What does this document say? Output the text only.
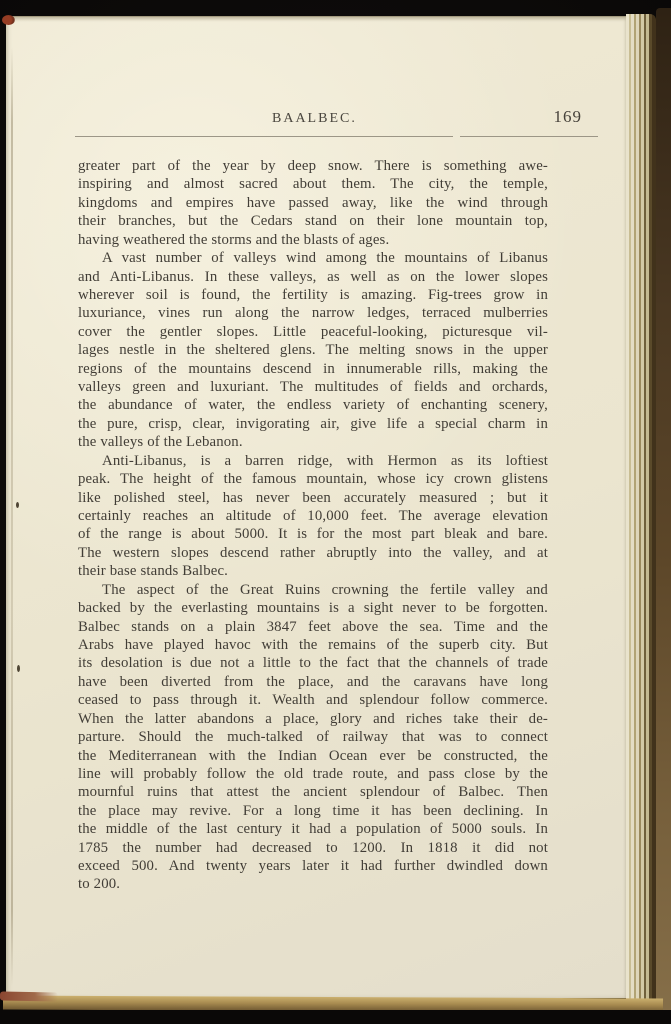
BAALBEC.	169
greater part of the year by deep snow. There is something awe-
inspiring and almost sacred about them. The city, the temple,
kingdoms and empires have passed away, like the wind through
their branches, but the Cedars stand on their lone mountain top,
having weathered the storms and the blasts of ages.
A vast number of valleys wind among the mountains of Libanus
and Anti-Libanus. In these valleys, as well as on the lower slopes
wherever soil is found, the fertility is amazing. Fig-trees grow in
luxuriance, vines run along the narrow ledges, terraced mulberries
cover the gentler slopes. Little peaceful-looking, picturesque vil-
lages nestle in the sheltered glens. The melting snows in the upper
regions of the mountains descend in innumerable rills, making the
valleys green and luxuriant. The multitudes of fields and orchards,
the abundance of water, the endless variety of enchanting scenery,
the pure, crisp, clear, invigorating air, give life a special charm in
the valleys of the Lebanon.
Anti-Libanus, is a barren ridge, with Hermon as its loftiest
peak. The height of the famous mountain, whose icy crown glistens
like polished steel, has never been accurately measured ; but it
certainly reaches an altitude of 10,000 feet. The average elevation
of the range is about 5000. It is for the most part bleak and bare.
The western slopes descend rather abruptly into the valley, and at
their base stands Balbec.
The aspect of the Great Ruins crowning the fertile valley and
backed by the everlasting mountains is a sight never to be forgotten.
Balbec stands on a plain 3847 feet above the sea. Time and the
Arabs have played havoc with the remains of the superb city. But
its desolation is due not a little to the fact that the channels of trade
have been diverted from the place, and the caravans have long
ceased to pass through it. Wealth and splendour follow commerce.
When the latter abandons a place, glory and riches take their de-
parture. Should the much-talked of railway that was to connect
the Mediterranean with the Indian Ocean ever be constructed, the
line will probably follow the old trade route, and pass close by the
mournful ruins that attest the ancient splendour of Balbec. Then
the place may revive. For a long time it has been declining. In
the middle of the last century it had a population of 5000 souls. In
1785 the number had decreased to 1200. In 1818 it did not
exceed 500. And twenty years later it had further dwindled down
to 200.
